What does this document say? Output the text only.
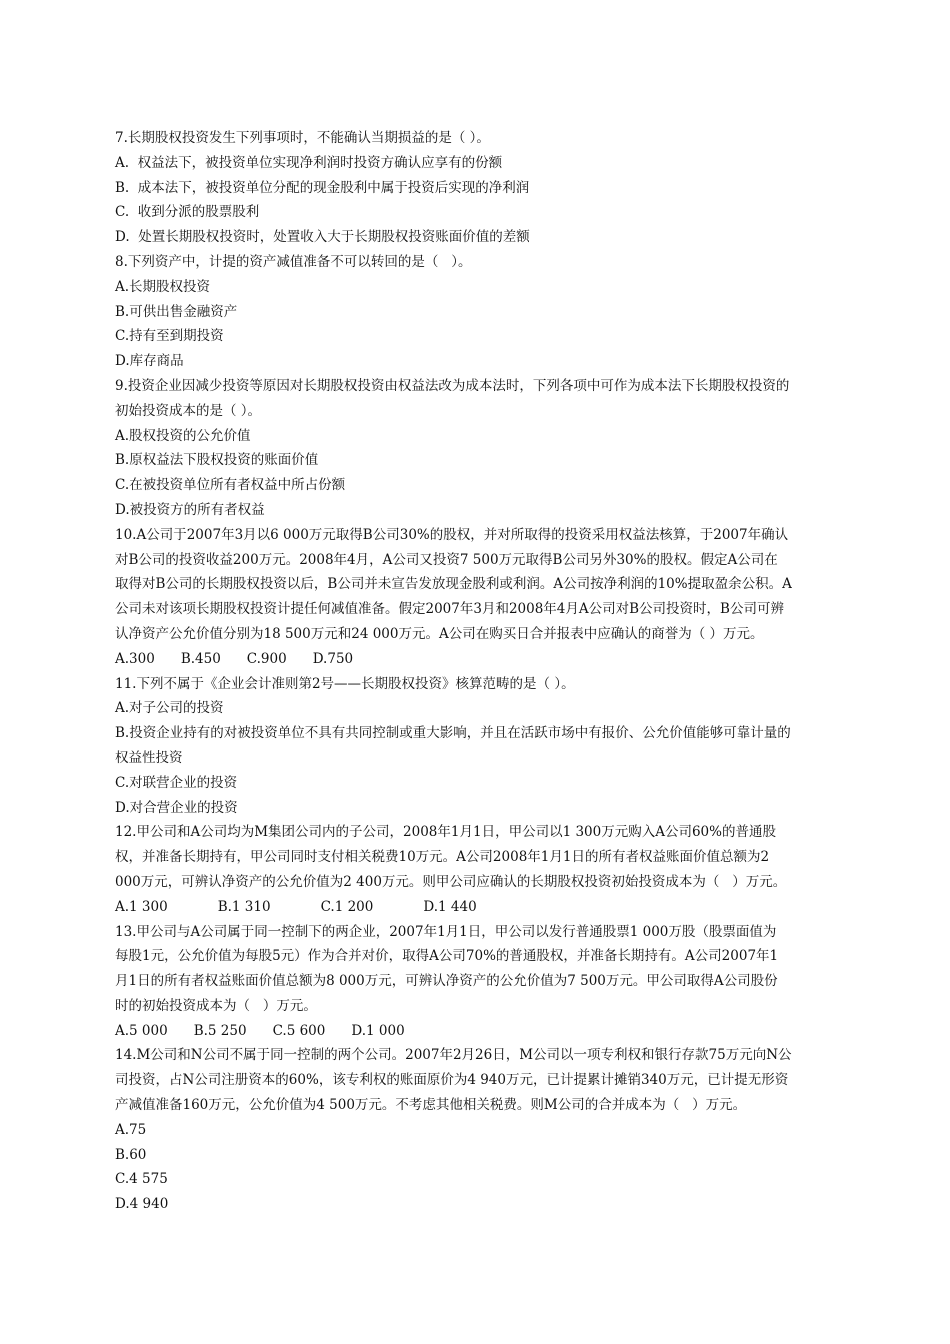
7.长期股权投资发生下列事项时，不能确认当期损益的是（ ）。
A.  权益法下，被投资单位实现净利润时投资方确认应享有的份额
B.  成本法下，被投资单位分配的现金股利中属于投资后实现的净利润
C.  收到分派的股票股利
D.  处置长期股权投资时，处置收入大于长期股权投资账面价值的差额
8.下列资产中，计提的资产减值准备不可以转回的是（   ）。
A.长期股权投资
B.可供出售金融资产
C.持有至到期投资
D.库存商品
9.投资企业因减少投资等原因对长期股权投资由权益法改为成本法时，下列各项中可作为成本法下长期股权投资的
初始投资成本的是（ ）。
A.股权投资的公允价值
B.原权益法下股权投资的账面价值
C.在被投资单位所有者权益中所占份额
D.被投资方的所有者权益
10.A公司于2007年3月以6 000万元取得B公司30%的股权，并对所取得的投资采用权益法核算，于2007年确认
对B公司的投资收益200万元。2008年4月，A公司又投资7 500万元取得B公司另外30%的股权。假定A公司在
取得对B公司的长期股权投资以后，B公司并未宣告发放现金股利或利润。A公司按净利润的10%提取盈余公积。A
公司未对该项长期股权投资计提任何减值准备。假定2007年3月和2008年4月A公司对B公司投资时，B公司可辨
认净资产公允价值分别为18 500万元和24 000万元。A公司在购买日合并报表中应确认的商誉为（ ）万元。
A.300 B.450 C.900 D.750
11.下列不属于《企业会计准则第2号——长期股权投资》核算范畴的是（ ）。
A.对子公司的投资
B.投资企业持有的对被投资单位不具有共同控制或重大影响，并且在活跃市场中有报价、公允价值能够可靠计量的
权益性投资
C.对联营企业的投资
D.对合营企业的投资
12.甲公司和A公司均为M集团公司内的子公司，2008年1月1日，甲公司以1 300万元购入A公司60%的普通股
权，并准备长期持有，甲公司同时支付相关税费10万元。A公司2008年1月1日的所有者权益账面价值总额为2
000万元，可辨认净资产的公允价值为2 400万元。则甲公司应确认的长期股权投资初始投资成本为（   ）万元。
A.1 300	B.1 310	C.1 200	D.1 440
13.甲公司与A公司属于同一控制下的两企业，2007年1月1日，甲公司以发行普通股票1 000万股（股票面值为
每股1元，公允价值为每股5元）作为合并对价，取得A公司70%的普通股权，并准备长期持有。A公司2007年1
月1日的所有者权益账面价值总额为8 000万元，可辨认净资产的公允价值为7 500万元。甲公司取得A公司股份
时的初始投资成本为（   ）万元。
A.5 000 B.5 250 C.5 600 D.1 000
14.M公司和N公司不属于同一控制的两个公司。2007年2月26日，M公司以一项专利权和银行存款75万元向N公
司投资，占N公司注册资本的60%，该专利权的账面原价为4 940万元，已计提累计摊销340万元，已计提无形资
产减值准备160万元，公允价值为4 500万元。不考虑其他相关税费。则M公司的合并成本为（   ）万元。
A.75
B.60
C.4 575
D.4 940
